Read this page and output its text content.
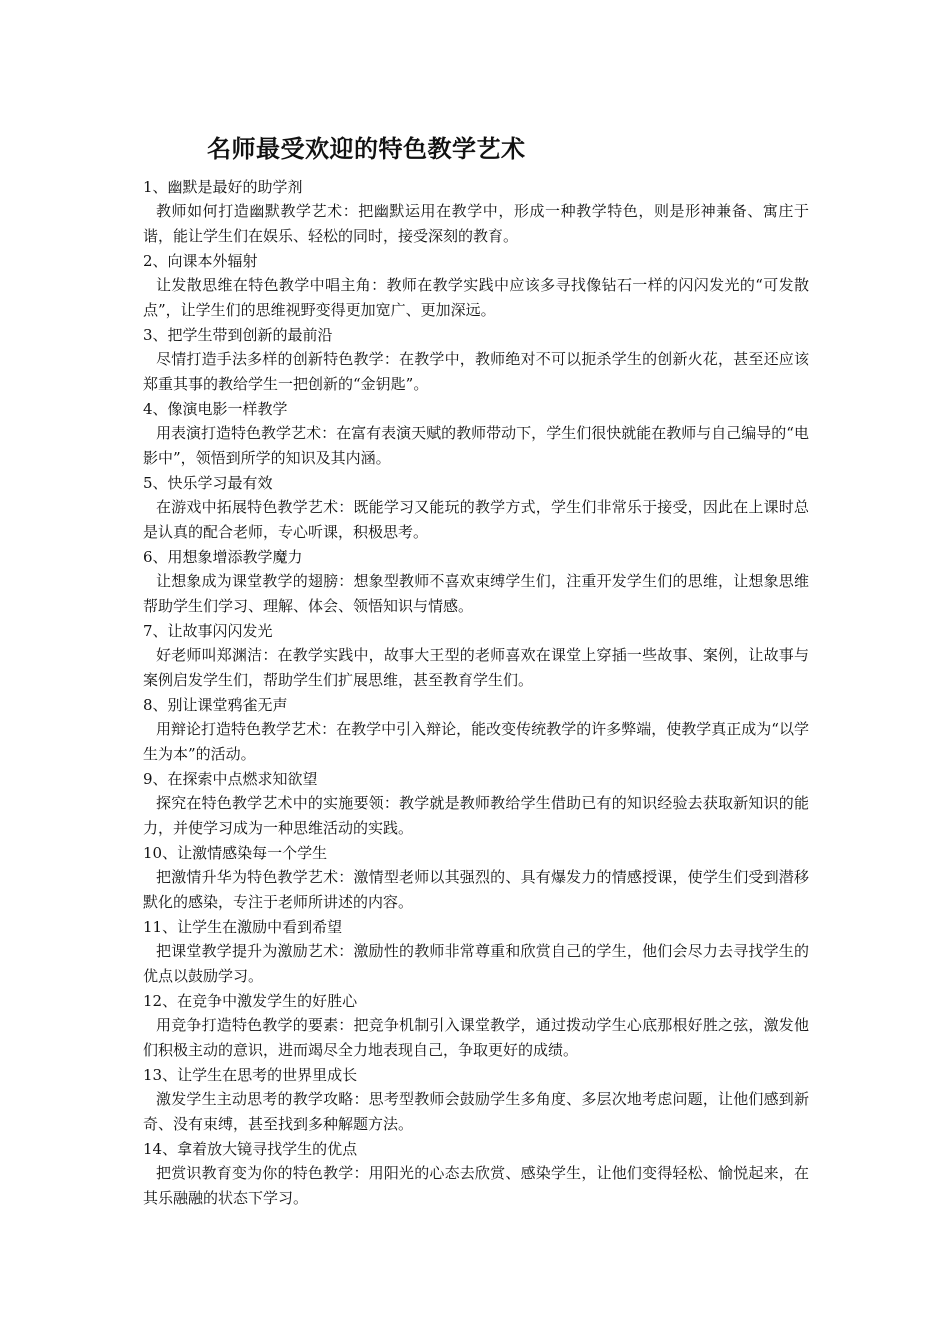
名师最受欢迎的特色教学艺术

1、幽默是最好的助学剂

教师如何打造幽默教学艺术：把幽默运用在教学中，形成一种教学特色，则是形神兼备、寓庄于谐，能让学生们在娱乐、轻松的同时，接受深刻的教育。

2、向课本外辐射

让发散思维在特色教学中唱主角：教师在教学实践中应该多寻找像钻石一样的闪闪发光的“可发散点”，让学生们的思维视野变得更加宽广、更加深远。

3、把学生带到创新的最前沿

尽情打造手法多样的创新特色教学：在教学中，教师绝对不可以扼杀学生的创新火花，甚至还应该郑重其事的教给学生一把创新的“金钥匙”。

4、像演电影一样教学

用表演打造特色教学艺术：在富有表演天赋的教师带动下，学生们很快就能在教师与自己编导的“电影中”，领悟到所学的知识及其内涵。

5、快乐学习最有效

在游戏中拓展特色教学艺术：既能学习又能玩的教学方式，学生们非常乐于接受，因此在上课时总是认真的配合老师，专心听课，积极思考。

6、用想象增添教学魔力

让想象成为课堂教学的翅膀：想象型教师不喜欢束缚学生们，注重开发学生们的思维，让想象思维帮助学生们学习、理解、体会、领悟知识与情感。

7、让故事闪闪发光

好老师叫郑渊洁：在教学实践中，故事大王型的老师喜欢在课堂上穿插一些故事、案例，让故事与案例启发学生们，帮助学生们扩展思维，甚至教育学生们。

8、别让课堂鸦雀无声

用辩论打造特色教学艺术：在教学中引入辩论，能改变传统教学的许多弊端，使教学真正成为“以学生为本”的活动。

9、在探索中点燃求知欲望

探究在特色教学艺术中的实施要领：教学就是教师教给学生借助已有的知识经验去获取新知识的能力，并使学习成为一种思维活动的实践。

10、让激情感染每一个学生

把激情升华为特色教学艺术：激情型老师以其强烈的、具有爆发力的情感授课，使学生们受到潜移默化的感染，专注于老师所讲述的内容。

11、让学生在激励中看到希望

把课堂教学提升为激励艺术：激励性的教师非常尊重和欣赏自己的学生，他们会尽力去寻找学生的优点以鼓励学习。

12、在竞争中激发学生的好胜心

用竞争打造特色教学的要素：把竞争机制引入课堂教学，通过拨动学生心底那根好胜之弦，激发他们积极主动的意识，进而竭尽全力地表现自己，争取更好的成绩。

13、让学生在思考的世界里成长

激发学生主动思考的教学攻略：思考型教师会鼓励学生多角度、多层次地考虑问题，让他们感到新奇、没有束缚，甚至找到多种解题方法。

14、拿着放大镜寻找学生的优点

把赏识教育变为你的特色教学：用阳光的心态去欣赏、感染学生，让他们变得轻松、愉悦起来，在其乐融融的状态下学习。
